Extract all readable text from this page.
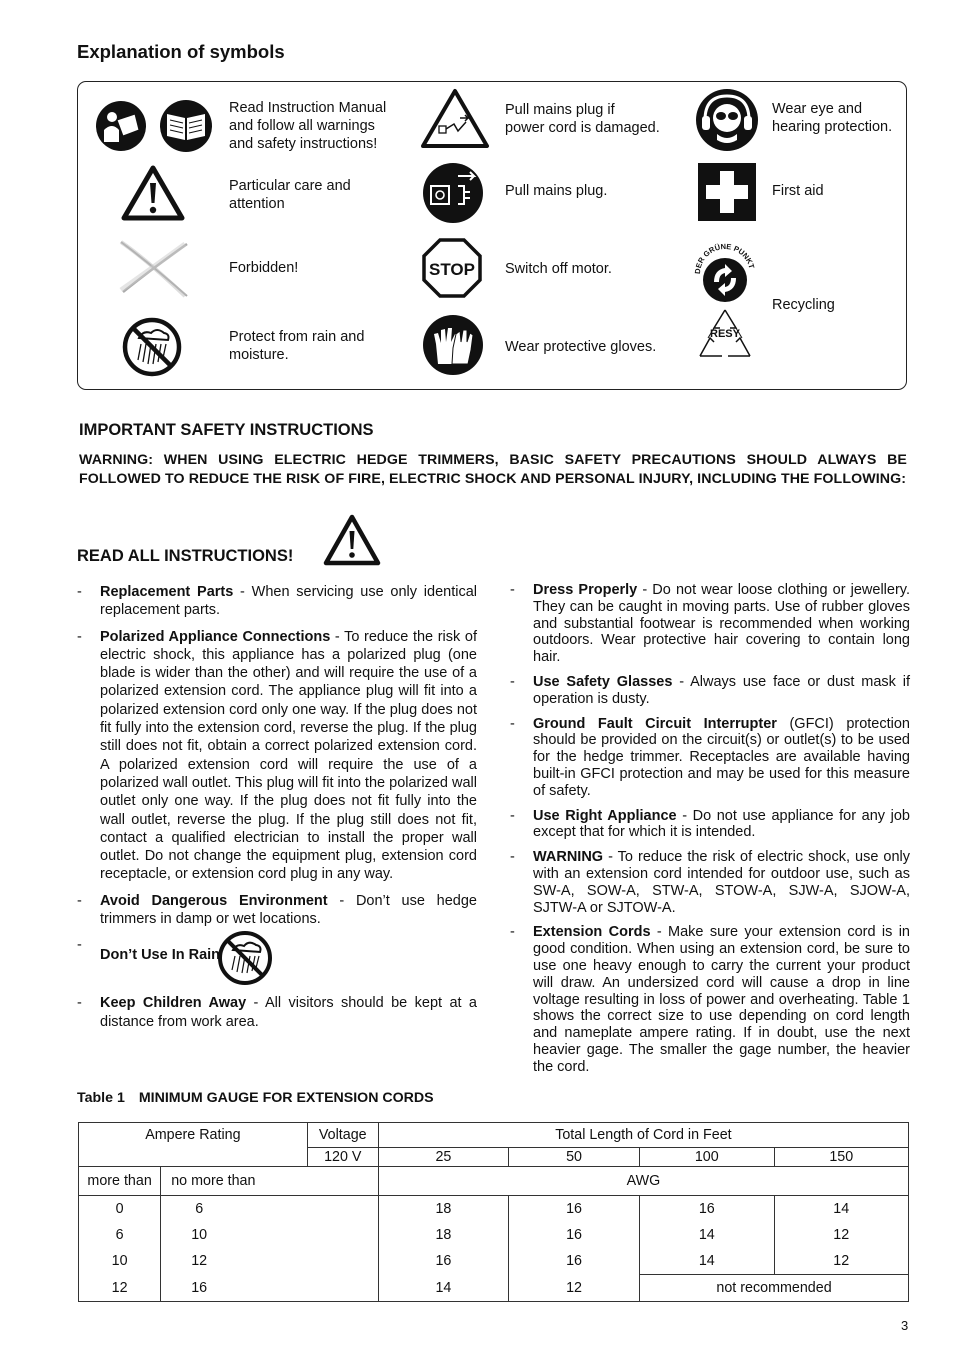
Explanation of symbols
Read Instruction Manual
and follow all warnings
and safety instructions!
Particular care and
attention
Forbidden!
Protect from rain and
moisture.
Pull mains plug if
power cord is damaged.
Pull mains plug.
STOP Switch off motor.
Wear protective gloves.
Wear eye and
hearing protection.
First aid
DER GRÜNE PUNKT
RESY
Recycling
IMPORTANT SAFETY INSTRUCTIONS
WARNING: WHEN USING ELECTRIC HEDGE TRIMMERS, BASIC SAFETY PRECAUTIONS SHOULD ALWAYS BE FOLLOWED TO REDUCE THE RISK OF FIRE, ELECTRIC SHOCK AND PERSONAL INJURY, INCLUDING THE FOLLOWING:
READ ALL INSTRUCTIONS!
- Replacement Parts - When servicing use only identical replacement parts.
- Polarized Appliance Connections - To reduce the risk of electric shock, this appliance has a polarized plug (one blade is wider than the other) and will require the use of a polarized extension cord. The appliance plug will fit into a polarized extension cord only one way. If the plug does not fit fully into the extension cord, reverse the plug. If the plug still does not fit, obtain a correct polarized extension cord. A polarized extension cord will require the use of a polarized wall outlet. This plug will fit into the polarized wall outlet only one way. If the plug does not fit fully into the wall outlet, reverse the plug. If the plug still does not fit, contact a qualified electrician to install the proper wall outlet. Do not change the equipment plug, extension cord receptacle, or extension cord plug in any way.
- Avoid Dangerous Environment - Don’t use hedge trimmers in damp or wet locations.
- Don’t Use In Rain
- Keep Children Away - All visitors should be kept at a distance from work area.
- Dress Properly - Do not wear loose clothing or jewellery. They can be caught in moving parts. Use of rubber gloves and substantial footwear is recommended when working outdoors. Wear protective hair covering to contain long hair.
- Use Safety Glasses - Always use face or dust mask if operation is dusty.
- Ground Fault Circuit Interrupter (GFCI) protection should be provided on the circuit(s) or outlet(s) to be used for the hedge trimmer. Receptacles are available having built-in GFCI protection and may be used for this measure of safety.
- Use Right Appliance - Do not use appliance for any job except that for which it is intended.
- WARNING - To reduce the risk of electric shock, use only with an extension cord intended for outdoor use, such as SW-A, SOW-A, STW-A, STOW-A, SJW-A, SJOW-A, SJTW-A or SJTOW-A.
- Extension Cords - Make sure your extension cord is in good condition. When using an extension cord, be sure to use one heavy enough to carry the current your product will draw. An undersized cord will cause a drop in line voltage resulting in loss of power and overheating. Table 1 shows the correct size to use depending on cord length and nameplate ampere rating. If in doubt, use the next heavier gage. The smaller the gage number, the heavier the cord.
Table 1 MINIMUM GAUGE FOR EXTENSION CORDS
Ampere Rating		Voltage	Total Length of Cord in Feet			
		120 V	25	50	100	150
more than	no more than		AWG			
0	6		18	16	16	14
6	10		18	16	14	12
10	12		16	16	14	12
12	16		14	12	not recommended	
3
